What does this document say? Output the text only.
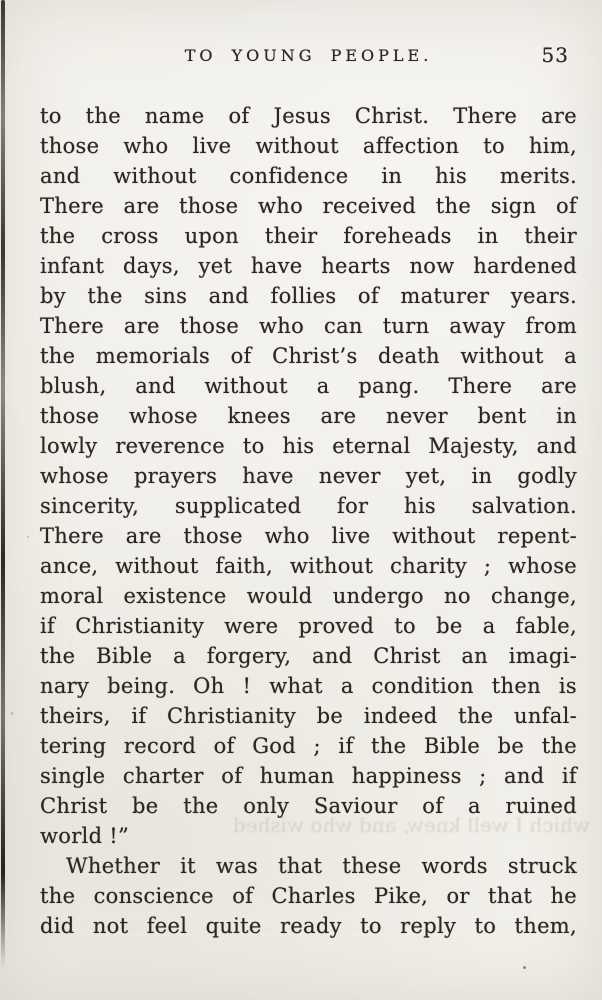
TO YOUNG PEOPLE.	53
to the name of Jesus Christ. There are
those who live without affection to him,
and without confidence in his merits.
There are those who received the sign of
the cross upon their foreheads in their
infant days, yet have hearts now hardened
by the sins and follies of maturer years.
There are those who can turn away from
the memorials of Christ’s death without a
blush, and without a pang. There are
those whose knees are never bent in
lowly reverence to his eternal Majesty, and
whose prayers have never yet, in godly
sincerity, supplicated for his salvation.
There are those who live without repent-
ance, without faith, without charity ; whose
moral existence would undergo no change,
if Christianity were proved to be a fable,
the Bible a forgery, and Christ an imagi-
nary being. Oh ! what a condition then is
theirs, if Christianity be indeed the unfal-
tering record of God ; if the Bible be the
single charter of human happiness ; and if
Christ be the only Saviour of a ruined
world !”
Whether it was that these words struck
the conscience of Charles Pike, or that he
did not feel quite ready to reply to them,
which I well knew, and who wished
